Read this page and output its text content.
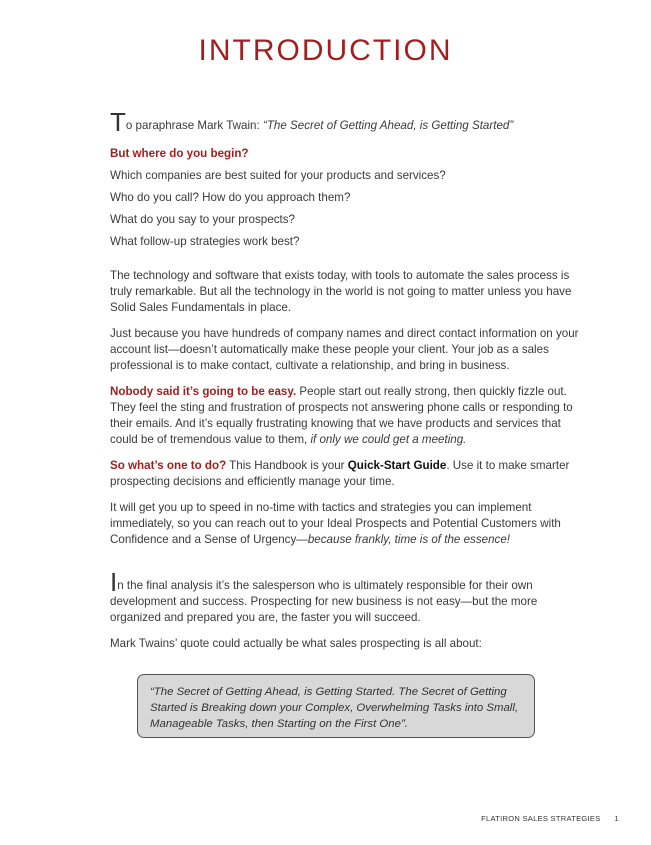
INTRODUCTION

To paraphrase Mark Twain: “The Secret of Getting Ahead, is Getting Started”

But where do you begin?

Which companies are best suited for your products and services?

Who do you call? How do you approach them?

What do you say to your prospects?

What follow-up strategies work best?

The technology and software that exists today, with tools to automate the sales process is truly remarkable. But all the technology in the world is not going to matter unless you have Solid Sales Fundamentals in place.

Just because you have hundreds of company names and direct contact information on your account list—doesn’t automatically make these people your client. Your job as a sales professional is to make contact, cultivate a relationship, and bring in business.

Nobody said it’s going to be easy. People start out really strong, then quickly fizzle out. They feel the sting and frustration of prospects not answering phone calls or responding to their emails. And it’s equally frustrating knowing that we have products and services that could be of tremendous value to them, if only we could get a meeting.

So what’s one to do? This Handbook is your Quick-Start Guide. Use it to make smarter prospecting decisions and efficiently manage your time.

It will get you up to speed in no-time with tactics and strategies you can implement immediately, so you can reach out to your Ideal Prospects and Potential Customers with Confidence and a Sense of Urgency—because frankly, time is of the essence!

In the final analysis it’s the salesperson who is ultimately responsible for their own development and success. Prospecting for new business is not easy—but the more organized and prepared you are, the faster you will succeed.

Mark Twains’ quote could actually be what sales prospecting is all about:

“The Secret of Getting Ahead, is Getting Started. The Secret of Getting Started is Breaking down your Complex, Overwhelming Tasks into Small, Manageable Tasks, then Starting on the First One”.
FLATIRON SALES STRATEGIES 1
